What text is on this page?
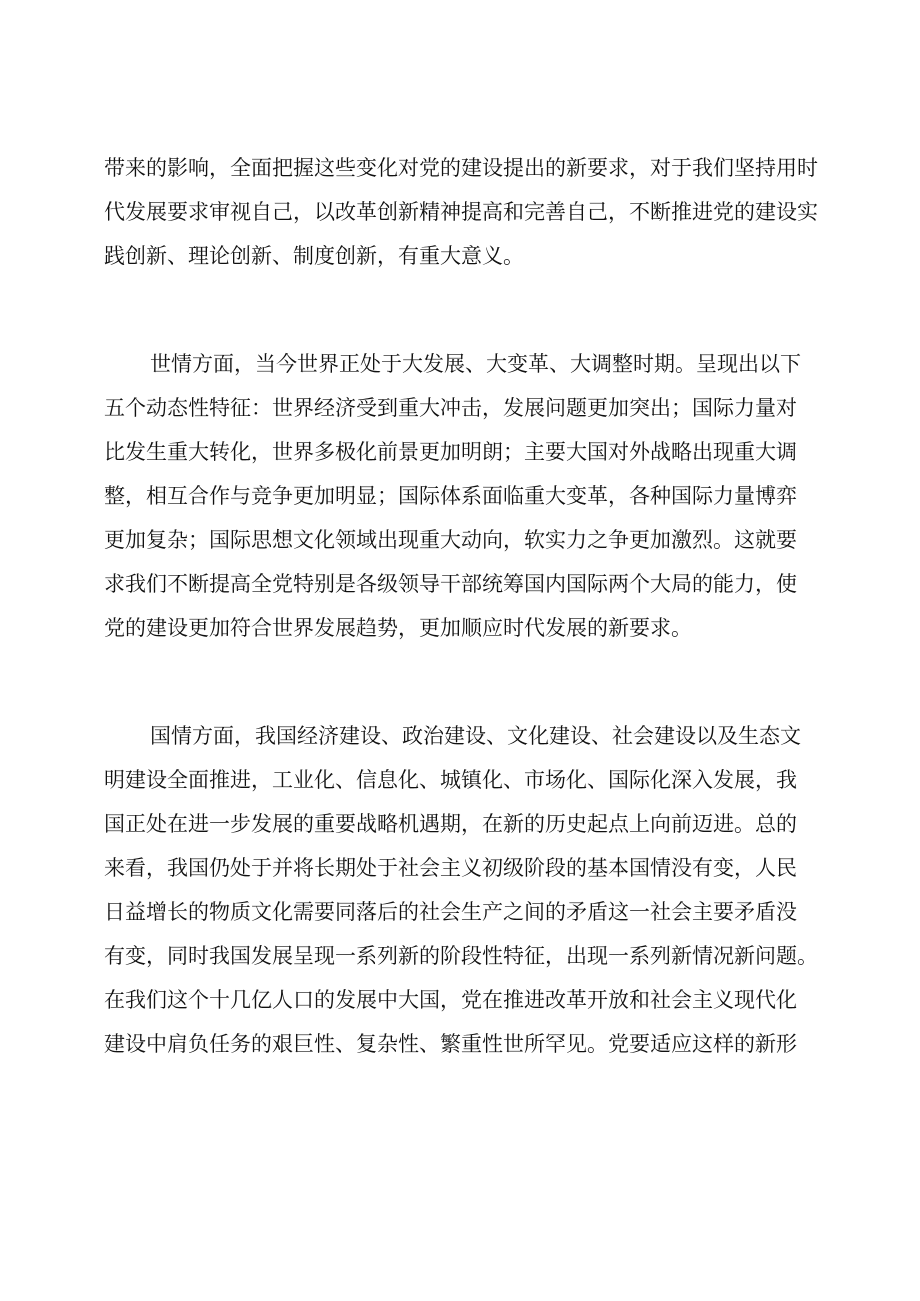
带来的影响，全面把握这些变化对党的建设提出的新要求，对于我们坚持用时
代发展要求审视自己，以改革创新精神提高和完善自己，不断推进党的建设实
践创新、理论创新、制度创新，有重大意义。
世情方面，当今世界正处于大发展、大变革、大调整时期。呈现出以下
五个动态性特征：世界经济受到重大冲击，发展问题更加突出；国际力量对
比发生重大转化，世界多极化前景更加明朗；主要大国对外战略出现重大调
整，相互合作与竞争更加明显；国际体系面临重大变革，各种国际力量博弈
更加复杂；国际思想文化领域出现重大动向，软实力之争更加激烈。这就要
求我们不断提高全党特别是各级领导干部统筹国内国际两个大局的能力，使
党的建设更加符合世界发展趋势，更加顺应时代发展的新要求。
国情方面，我国经济建设、政治建设、文化建设、社会建设以及生态文
明建设全面推进，工业化、信息化、城镇化、市场化、国际化深入发展，我
国正处在进一步发展的重要战略机遇期，在新的历史起点上向前迈进。总的
来看，我国仍处于并将长期处于社会主义初级阶段的基本国情没有变，人民
日益增长的物质文化需要同落后的社会生产之间的矛盾这一社会主要矛盾没
有变，同时我国发展呈现一系列新的阶段性特征，出现一系列新情况新问题。
在我们这个十几亿人口的发展中大国，党在推进改革开放和社会主义现代化
建设中肩负任务的艰巨性、复杂性、繁重性世所罕见。党要适应这样的新形
